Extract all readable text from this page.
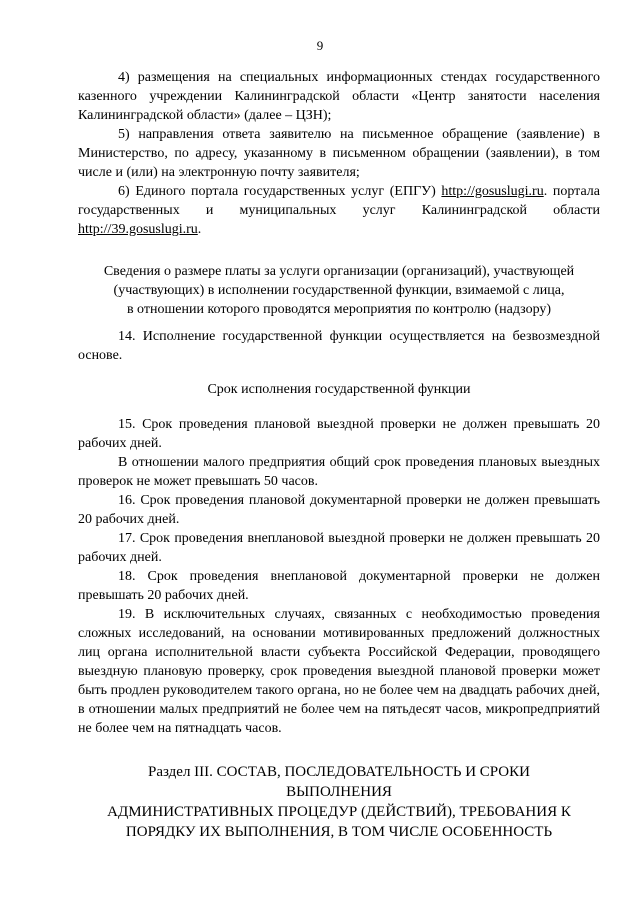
9

4) размещения на специальных информационных стендах государственного казенного учреждении Калининградской области «Центр занятости населения Калининградской области» (далее – ЦЗН);

5) направления ответа заявителю на письменное обращение (заявление) в Министерство, по адресу, указанному в письменном обращении (заявлении), в том числе и (или) на электронную почту заявителя;

6) Единого портала государственных услуг (ЕПГУ) http://gosuslugi.ru. портала государственных и муниципальных услуг Калининградской области http://39.gosuslugi.ru.

Сведения о размере платы за услуги организации (организаций), участвующей
(участвующих) в исполнении государственной функции, взимаемой с лица,
в отношении которого проводятся мероприятия по контролю (надзору)

14. Исполнение государственной функции осуществляется на безвозмездной основе.

Срок исполнения государственной функции

15. Срок проведения плановой выездной проверки не должен превышать 20 рабочих дней.

В отношении малого предприятия общий срок проведения плановых выездных проверок не может превышать 50 часов.

16. Срок проведения плановой документарной проверки не должен превышать 20 рабочих дней.

17. Срок проведения внеплановой выездной проверки не должен превышать 20 рабочих дней.

18. Срок проведения внеплановой документарной проверки не должен превышать 20 рабочих дней.

19. В исключительных случаях, связанных с необходимостью проведения сложных исследований, на основании мотивированных предложений должностных лиц органа исполнительной власти субъекта Российской Федерации, проводящего выездную плановую проверку, срок проведения выездной плановой проверки может быть продлен руководителем такого органа, но не более чем на двадцать рабочих дней, в отношении малых предприятий не более чем на пятьдесят часов, микропредприятий не более чем на пятнадцать часов.

Раздел III. СОСТАВ, ПОСЛЕДОВАТЕЛЬНОСТЬ И СРОКИ
ВЫПОЛНЕНИЯ
АДМИНИСТРАТИВНЫХ ПРОЦЕДУР (ДЕЙСТВИЙ), ТРЕБОВАНИЯ К
ПОРЯДКУ ИХ ВЫПОЛНЕНИЯ, В ТОМ ЧИСЛЕ ОСОБЕННОСТЬ
